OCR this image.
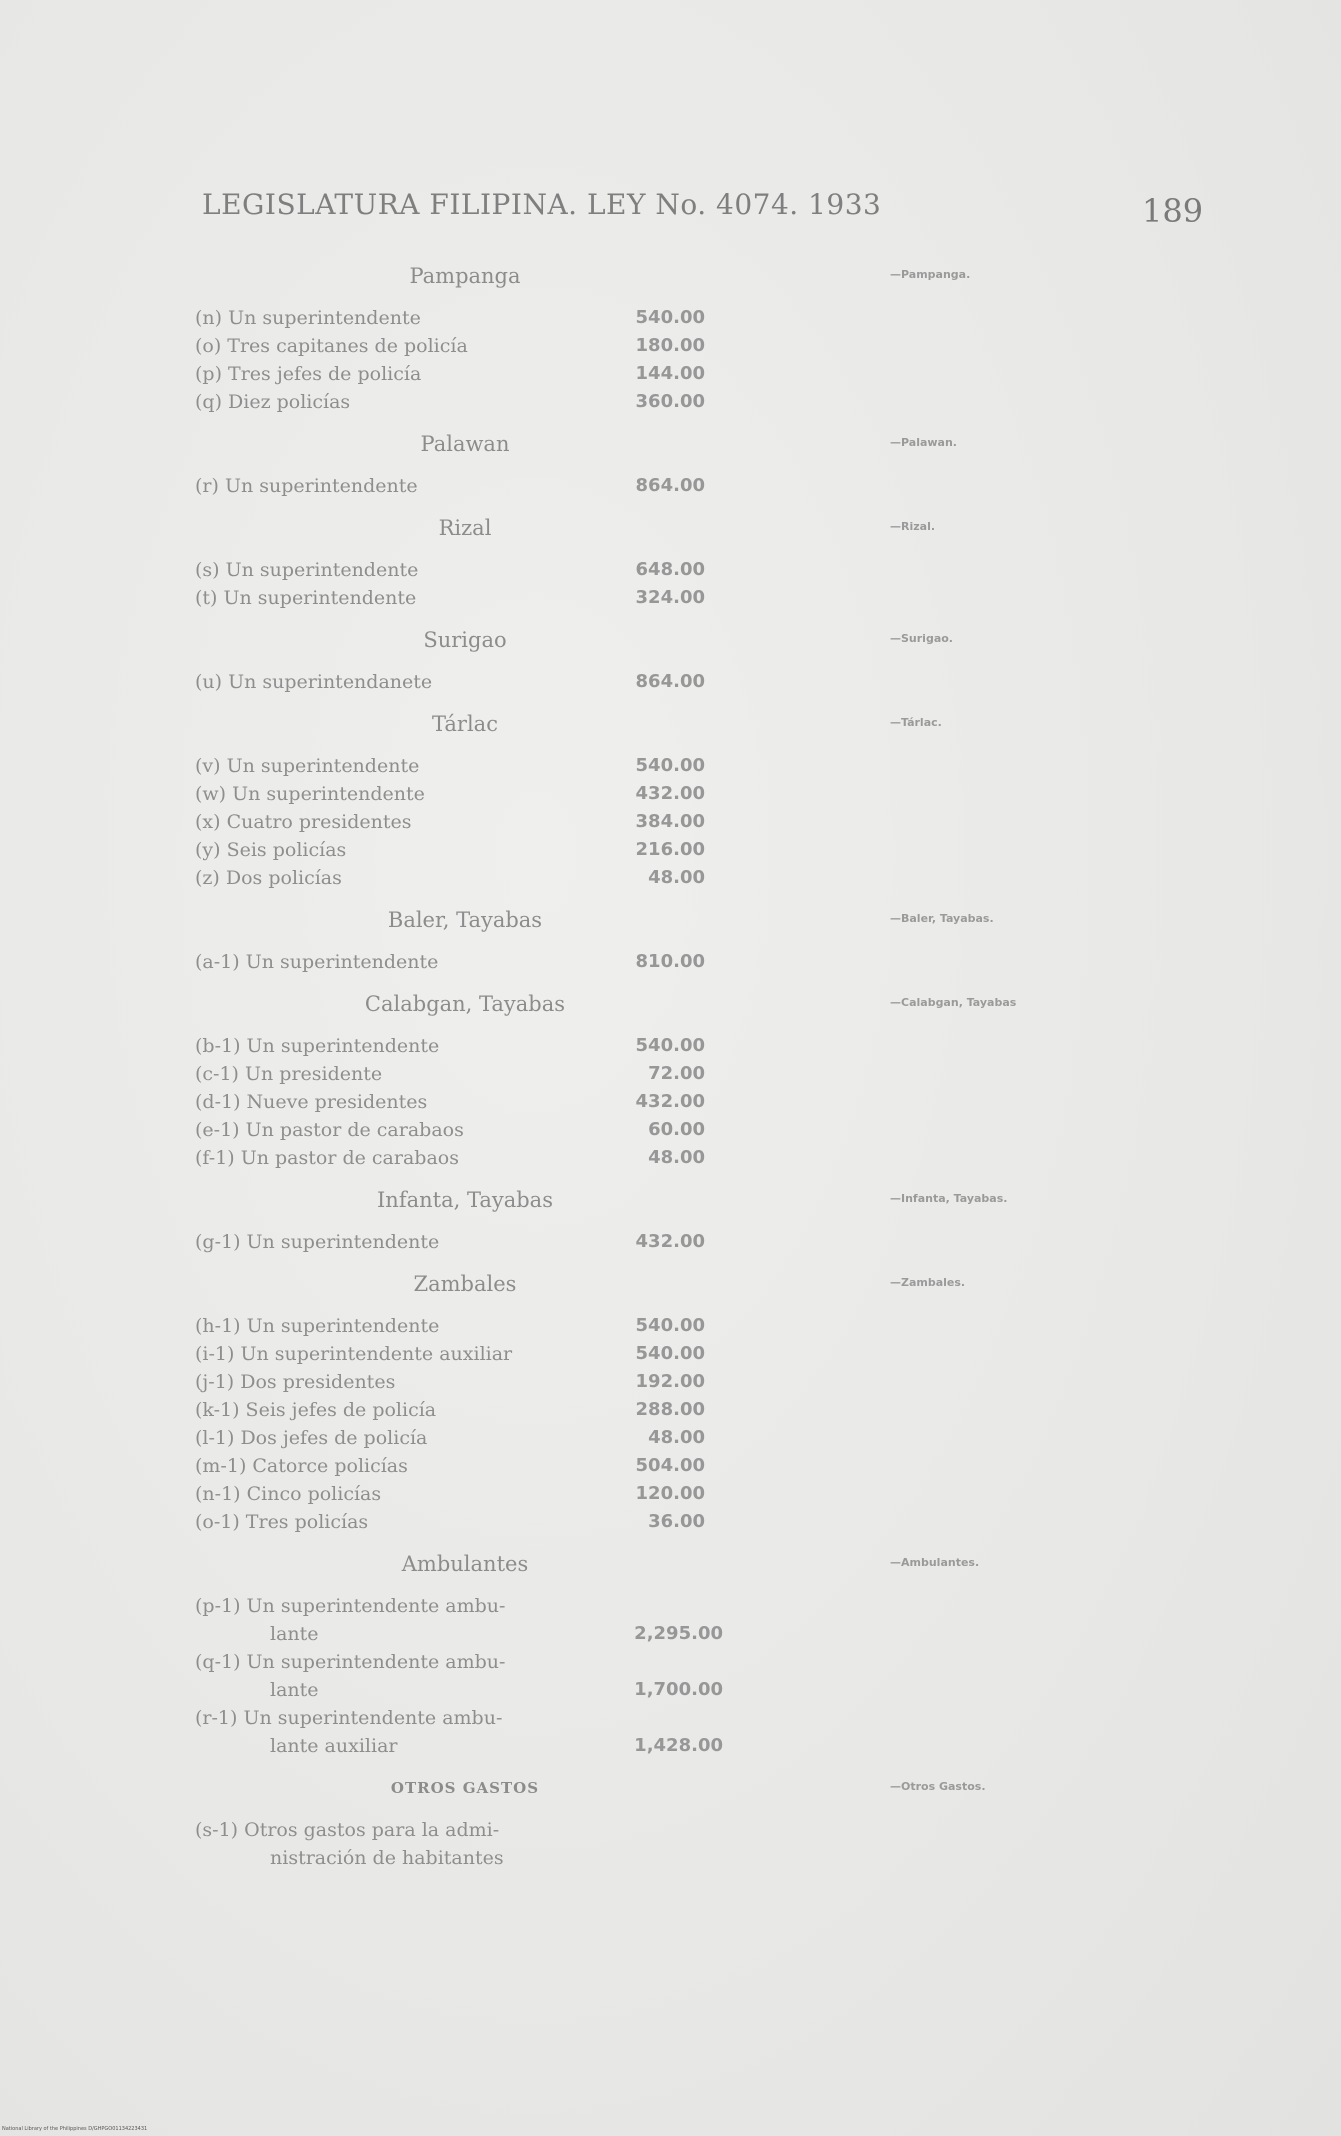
LEGISLATURA FILIPINA. LEY No. 4074. 1933	189
Pampanga
(n) Un superintendente	540.00
(o) Tres capitanes de policía	180.00
(p) Tres jefes de policía	144.00
(q) Diez policías	360.00
Palawan
(r) Un superintendente	864.00
Rizal
(s) Un superintendente	648.00
(t) Un superintendente	324.00
Surigao
(u) Un superintendanete	864.00
Tárlac
(v) Un superintendente	540.00
(w) Un superintendente	432.00
(x) Cuatro presidentes	384.00
(y) Seis policías	216.00
(z) Dos policías	48.00
Baler, Tayabas
(a-1) Un superintendente	810.00
Calabgan, Tayabas
(b-1) Un superintendente	540.00
(c-1) Un presidente	72.00
(d-1) Nueve presidentes	432.00
(e-1) Un pastor de carabaos	60.00
(f-1) Un pastor de carabaos	48.00
Infanta, Tayabas
(g-1) Un superintendente	432.00
Zambales
(h-1) Un superintendente	540.00
(i-1) Un superintendente auxiliar	540.00
(j-1) Dos presidentes	192.00
(k-1) Seis jefes de policía	288.00
(l-1) Dos jefes de policía	48.00
(m-1) Catorce policías	504.00
(n-1) Cinco policías	120.00
(o-1) Tres policías	36.00
Ambulantes
(p-1) Un superintendente ambu-
lante	2,295.00
(q-1) Un superintendente ambu-
lante	1,700.00
(r-1) Un superintendente ambu-
lante auxiliar	1,428.00
OTROS GASTOS
(s-1) Otros gastos para la admi-
nistración de habitantes
—Pampanga.
—Palawan.
—Rizal.
—Surigao.
—Tárlac.
—Baler, Tayabas.
—Calabgan, Tayabas
—Infanta, Tayabas.
—Zambales.
—Ambulantes.
—Otros Gastos.
National Library of the Philippines D/GHPGO01134223431
